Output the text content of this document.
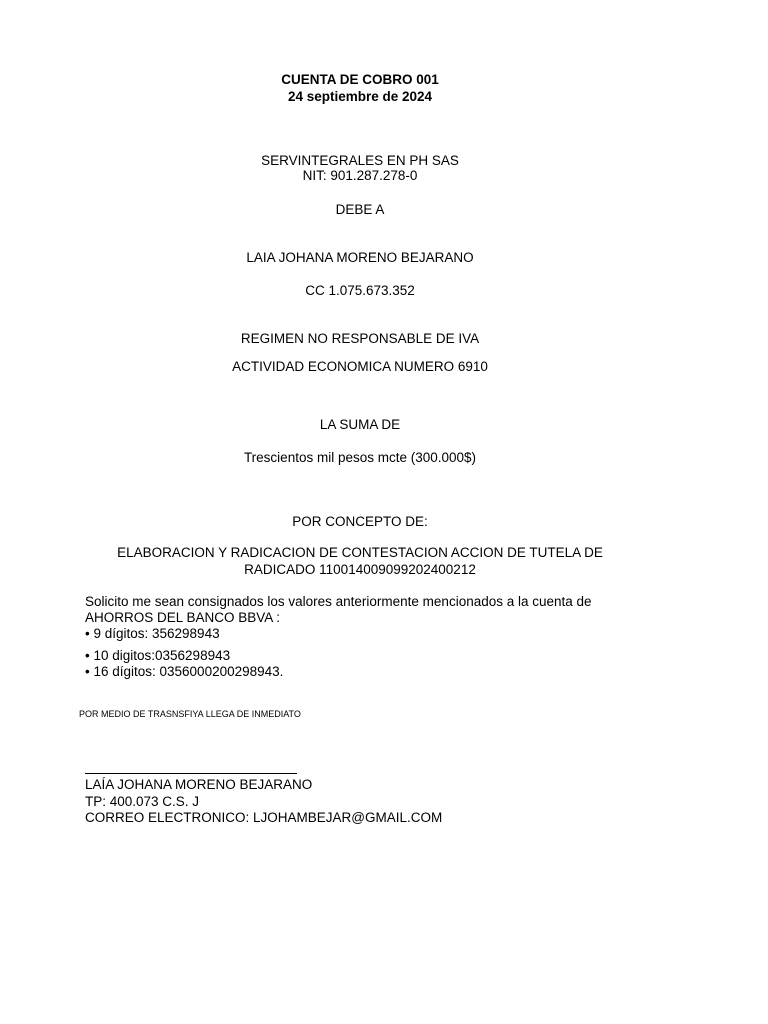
CUENTA DE COBRO 001
24 septiembre de 2024
SERVINTEGRALES EN PH SAS
NIT: 901.287.278-0
DEBE A
LAIA JOHANA MORENO BEJARANO
CC 1.075.673.352
REGIMEN NO RESPONSABLE DE IVA
ACTIVIDAD ECONOMICA NUMERO 6910
LA SUMA DE
Trescientos mil pesos mcte (300.000$)
POR CONCEPTO DE:
ELABORACION Y RADICACION DE CONTESTACION ACCION DE TUTELA DE
RADICADO 11001400909920240021​2
Solicito me sean consignados los valores anteriormente mencionados a la cuenta de
AHORROS DEL BANCO BBVA :
• 9 dígitos: 356298943
• 10 digitos:0356298943
• 16 dígitos: 0356000200298943.
POR MEDIO DE TRASNSFIYA LLEGA DE INMEDIATO
LAÍA JOHANA MORENO BEJARANO
TP: 400.073 C.S. J
CORREO ELECTRONICO: LJOHAMBEJAR@GMAIL.COM
